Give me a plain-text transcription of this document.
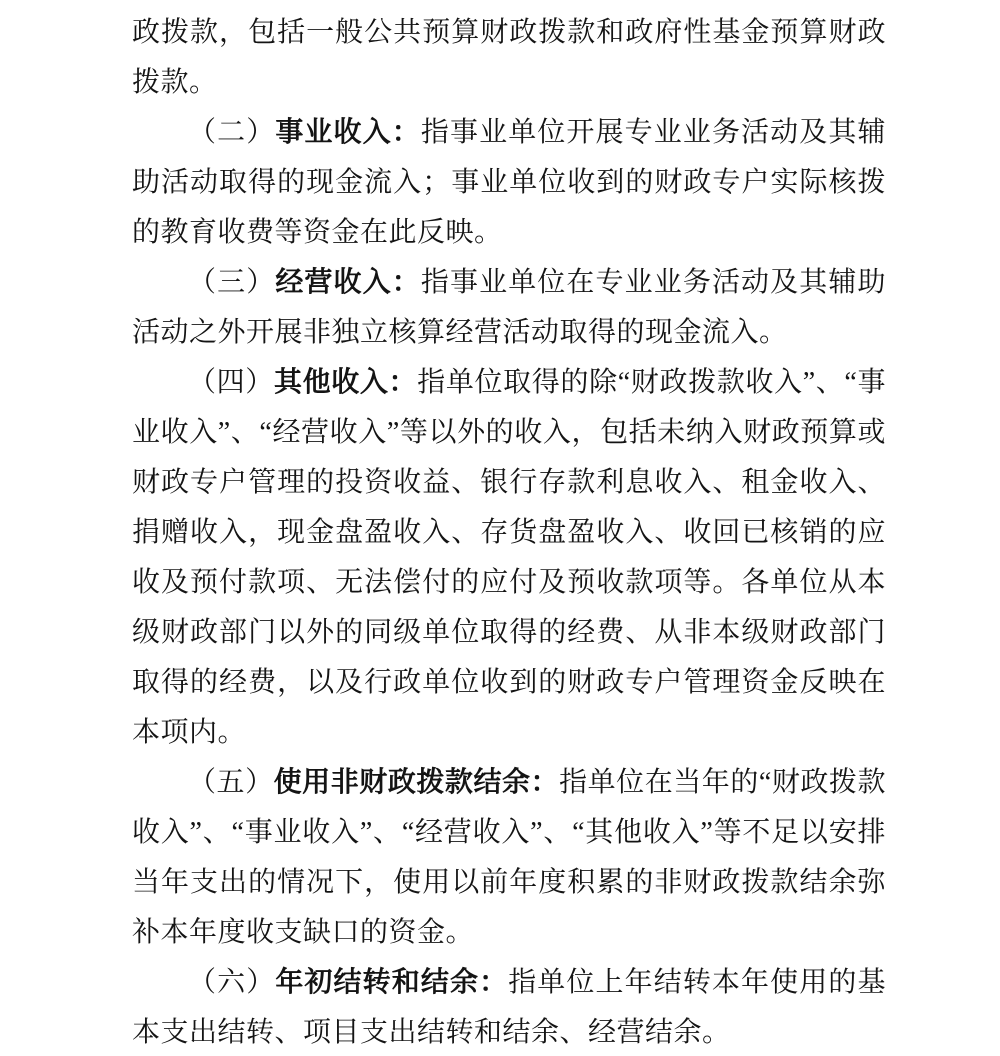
政拨款，包括一般公共预算财政拨款和政府性基金预算财政拨款。

（二）事业收入：指事业单位开展专业业务活动及其辅助活动取得的现金流入；事业单位收到的财政专户实际核拨的教育收费等资金在此反映。

（三）经营收入：指事业单位在专业业务活动及其辅助活动之外开展非独立核算经营活动取得的现金流入。

（四）其他收入：指单位取得的除“财政拨款收入”、“事业收入”、“经营收入”等以外的收入，包括未纳入财政预算或财政专户管理的投资收益、银行存款利息收入、租金收入、捐赠收入，现金盘盈收入、存货盘盈收入、收回已核销的应收及预付款项、无法偿付的应付及预收款项等。各单位从本级财政部门以外的同级单位取得的经费、从非本级财政部门取得的经费，以及行政单位收到的财政专户管理资金反映在本项内。

（五）使用非财政拨款结余：指单位在当年的“财政拨款收入”、“事业收入”、“经营收入”、“其他收入”等不足以安排当年支出的情况下，使用以前年度积累的非财政拨款结余弥补本年度收支缺口的资金。

（六）年初结转和结余：指单位上年结转本年使用的基本支出结转、项目支出结转和结余、经营结余。
